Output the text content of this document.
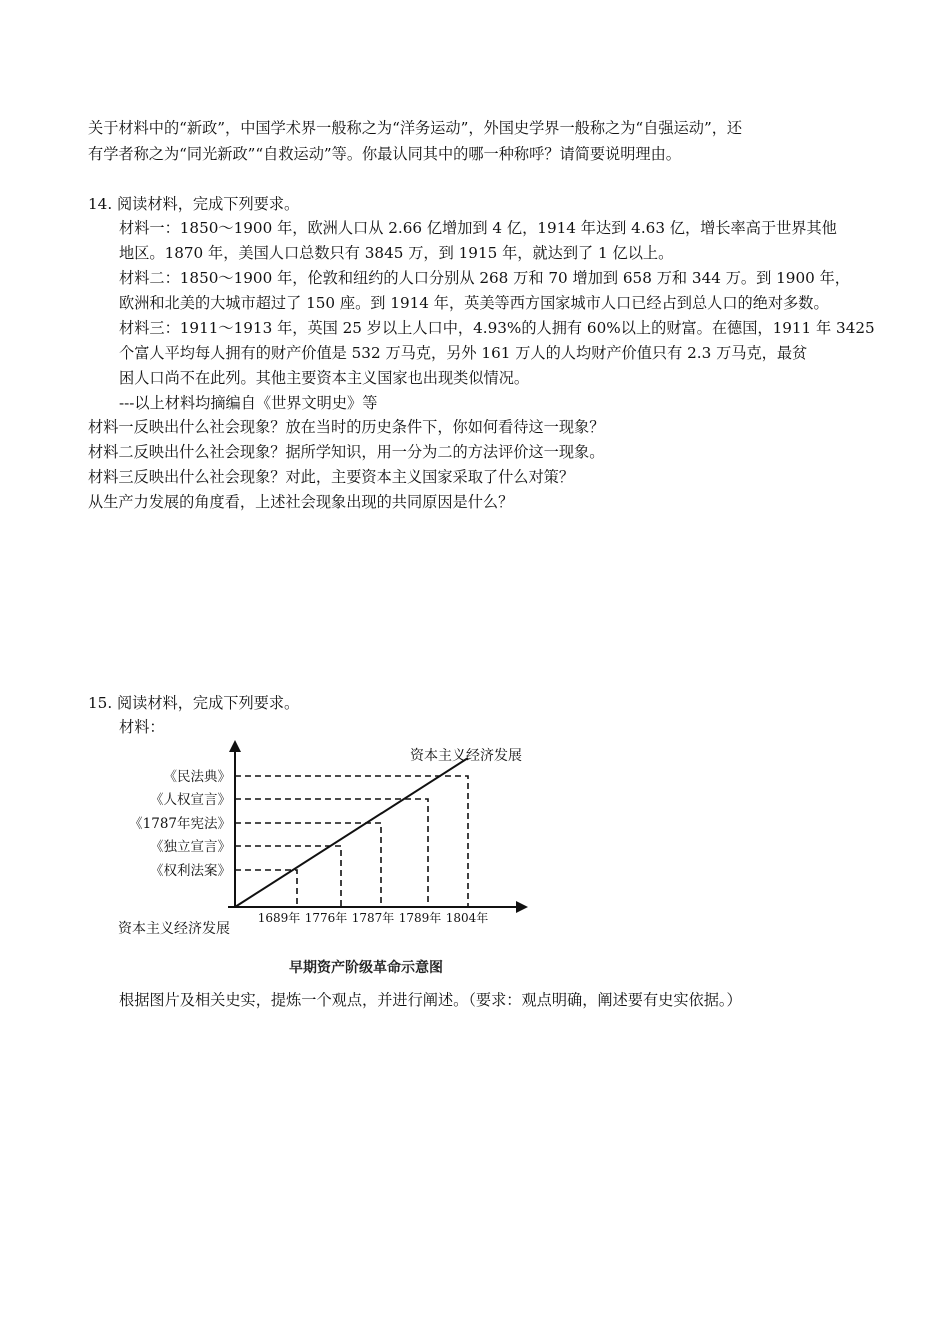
关于材料中的“新政”，中国学术界一般称之为“洋务运动”，外国史学界一般称之为“自强运动”，还
有学者称之为“同光新政”“自救运动”等。你最认同其中的哪一种称呼？请简要说明理由。
14. 阅读材料，完成下列要求。
材料一：1850～1900 年，欧洲人口从 2.66 亿增加到 4 亿，1914 年达到 4.63 亿，增长率高于世界其他
地区。1870 年，美国人口总数只有 3845 万，到 1915 年，就达到了 1 亿以上。
材料二：1850～1900 年，伦敦和纽约的人口分别从 268 万和 70 增加到 658 万和 344 万。到 1900 年，
欧洲和北美的大城市超过了 150 座。到 1914 年，英美等西方国家城市人口已经占到总人口的绝对多数。
材料三：1911～1913 年，英国 25 岁以上人口中，4.93%的人拥有 60%以上的财富。在德国，1911 年 3425
个富人平均每人拥有的财产价值是 532 万马克，另外 161 万人的人均财产价值只有 2.3 万马克，最贫
困人口尚不在此列。其他主要资本主义国家也出现类似情况。
---以上材料均摘编自《世界文明史》等
材料一反映出什么社会现象？放在当时的历史条件下，你如何看待这一现象？
材料二反映出什么社会现象？据所学知识，用一分为二的方法评价这一现象。
材料三反映出什么社会现象？对此，主要资本主义国家采取了什么对策？
从生产力发展的角度看，上述社会现象出现的共同原因是什么？
15. 阅读材料，完成下列要求。
材料：
资本主义经济发展
《民法典》
《人权宣言》
《1787年宪法》
《独立宣言》
《权利法案》
1689年 1776年 1787年 1789年 1804年
资本主义经济发展
早期资产阶级革命示意图
根据图片及相关史实，提炼一个观点，并进行阐述。（要求：观点明确，阐述要有史实依据。）
